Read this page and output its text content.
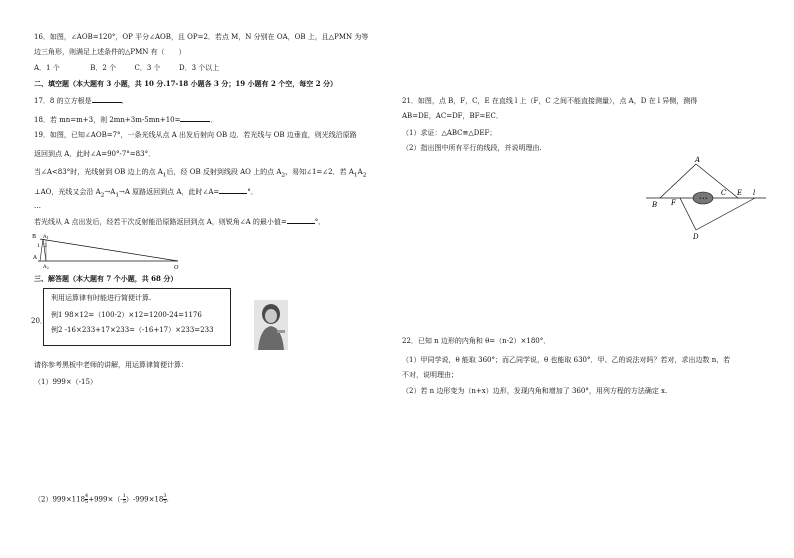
16．如图，∠AOB=120°，OP 平分∠AOB，且 OP=2．若点 M，N 分别在 OA，OB 上，且△PMN 为等
边三角形，则满足上述条件的△PMN 有（　　）
A．1 个	B．2 个	C．3 个	D．3 个以上
二、填空题（本大题有 3 小题，共 10 分.17-18 小题各 3 分；19 小题有 2 个空，每空 2 分）
17．8 的立方根是	．
18．若 mn=m+3，则 2mn+3m-5mn+10=	．
19．如图，已知∠AOB=7°，一条光线从点 A 出发后射向 OB 边．若光线与 OB 边垂直，则光线沿原路
返回到点 A，此时∠A=90°-7°=83°．
当∠A<83°时，光线射到 OB 边上的点 $A_1$后，经 OB 反射到线段 AO 上的点 $A_2$，易知∠1=∠2．若 $A_1A_2$
⊥AO，光线又会沿 $A_2\to A_1\to A$ 原路返回到点 A，此时∠A=	°．
…
若光线从 A 点出发后，经若干次反射能沿原路返回到点 A，则锐角∠A 的最小值=	°．
B $A_1$
1 2
A
$A_2$	O
三、解答题（本大题有 7 个小题，共 68 分）
20．
利用运算律有时能进行简便计算.
例1 98×12=（100-2）×12=1200-24=1176
例2 -16×233+17×233=（-16+17）×233=233
请你参考黑板中老师的讲解，用运算律简便计算：
（1）999×（-15）
$(2)999\times 118 \frac{4}{5} +999\times(- \frac{1}{5} )-999\times 18 \frac{3}{5}$ .
21．如图，点 B，F，C，E 在直线 l 上（F，C 之间不能直接测量），点 A，D 在 l 异侧，测得
AB=DE，AC=DF，BF=EC．
（1）求证：△ABC≌△DEF；
（2）指出图中所有平行的线段，并说明理由.
•••
A
B F
C E l
D
22．已知 n 边形的内角和 θ=（n-2）×180°．
（1）甲同学说，θ 能取 360°；而乙同学说，θ 也能取 630°．甲、乙的说法对吗？若对，求出边数 n，若
不对，说明理由；
（2）若 n 边形变为（n+x）边形，发现内角和增加了 360°，用列方程的方法确定 x.
